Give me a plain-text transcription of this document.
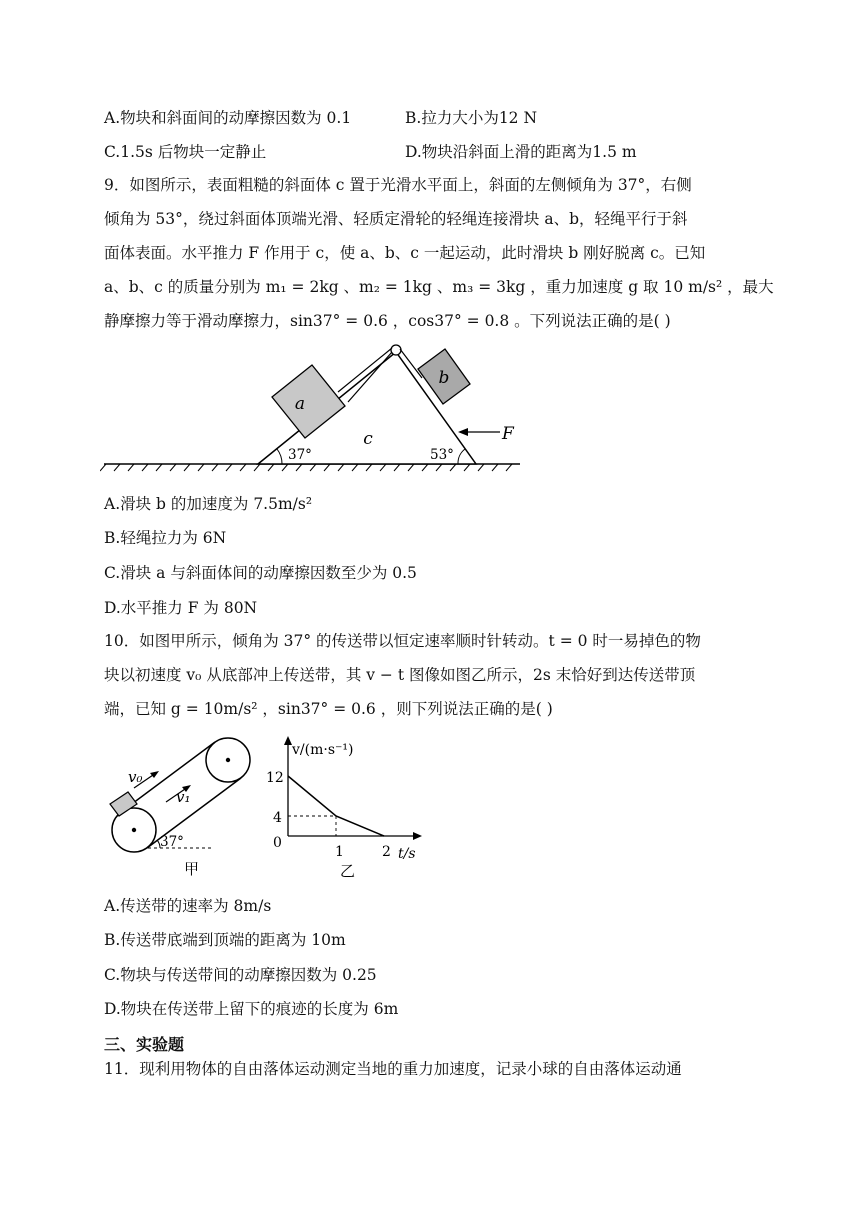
A.物块和斜面间的动摩擦因数为 0.1	B.拉力大小为12 N
C.1.5s 后物块一定静止	D.物块沿斜面上滑的距离为1.5 m
9．如图所示，表面粗糙的斜面体 c 置于光滑水平面上，斜面的左侧倾角为 37°，右侧
倾角为 53°，绕过斜面体顶端光滑、轻质定滑轮的轻绳连接滑块 a、b，轻绳平行于斜
面体表面。水平推力 F 作用于 c，使 a、b、c 一起运动，此时滑块 b 刚好脱离 c。已知
a、b、c 的质量分别为 m₁ = 2kg 、m₂ = 1kg 、m₃ = 3kg ，重力加速度 g 取 10 m/s² ，最大
静摩擦力等于滑动摩擦力，sin37° = 0.6 ，cos37° = 0.8 。下列说法正确的是( )
a
b
c	F
37°	53°
A.滑块 b 的加速度为 7.5m/s²
B.轻绳拉力为 6N
C.滑块 a 与斜面体间的动摩擦因数至少为 0.5
D.水平推力 F 为 80N
10．如图甲所示，倾角为 37° 的传送带以恒定速率顺时针转动。t = 0 时一易掉色的物
块以初速度 v₀ 从底部冲上传送带，其 v − t 图像如图乙所示，2s 末恰好到达传送带顶
端，已知 g = 10m/s² ，sin37° = 0.6 ，则下列说法正确的是( )
v₀
v₁
37°
甲
v/(m·s⁻¹)
t/s
12
4
0
1	2
乙
A.传送带的速率为 8m/s
B.传送带底端到顶端的距离为 10m
C.物块与传送带间的动摩擦因数为 0.25
D.物块在传送带上留下的痕迹的长度为 6m
三、实验题
11．现利用物体的自由落体运动测定当地的重力加速度，记录小球的自由落体运动通
